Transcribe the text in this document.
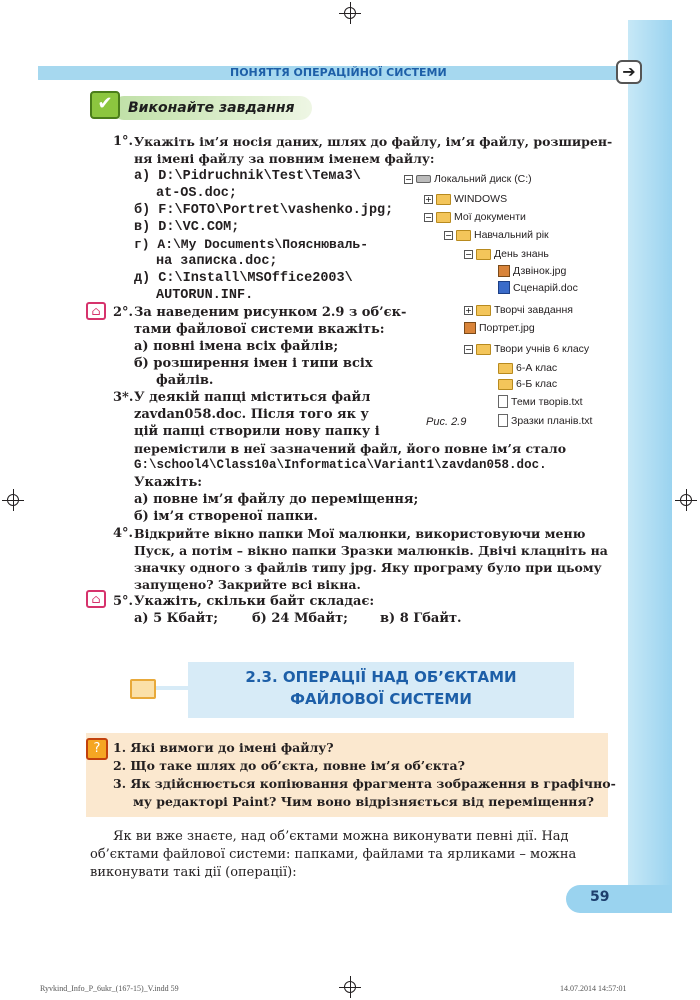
ПОНЯТТЯ ОПЕРАЦІЙНОЇ СИСТЕМИ	➔
✔	Виконайте завдання
1°. Укажіть ім’я носія даних, шлях до файлу, ім’я файлу, розширен-
ня імені файлу за повним іменем файлу:
а) D:\Pidruchnik\Test\Тема3\
at-OS.doc;
б) F:\FOTO\Portret\vashenko.jpg;
в) D:\VC.COM;
г) A:\My Documents\Пояснюваль-
на записка.doc;
д) C:\Install\MSOffice2003\
AUTORUN.INF.
⌂
⌂
2°. За наведеним рисунком 2.9 з об’єк-
тами файлової системи вкажіть:
а) повні імена всіх файлів;
б) розширення імен і типи всіх
файлів.
3*. У деякій папці міститься файл
zavdan058.doc. Після того як у
цій папці створили нову папку і
перемістили в неї зазначений файл, його повне ім’я стало
G:\school4\Class10a\Informatica\Variant1\zavdan058.doc.
Укажіть:
а) повне ім’я файлу до переміщення;
б) ім’я створеної папки.
4°. Відкрийте вікно папки Мої малюнки, використовуючи меню
Пуск, а потім – вікно папки Зразки малюнків. Двічі клацніть на
значку одного з файлів типу jpg. Яку програму було при цьому
запущено? Закрийте всі вікна.
5°. Укажіть, скільки байт складає:
а) 5 Кбайт;	б) 24 Мбайт; в) 8 Гбайт.
− Локальний диск (C:)
+ WINDOWS
− Мої документи
− Навчальний рік
− День знань
Дзвінок.jpg
Сценарій.doc
+ Творчі завдання
Портрет.jpg
− Твори учнів 6 класу
6-А клас
6-Б клас
Теми творів.txt
Зразки планів.txt
Рис. 2.9
2.3. ОПЕРАЦІЇ НАД ОБ’ЄКТАМИ
ФАЙЛОВОЇ СИСТЕМИ
?	1. Які вимоги до імені файлу?
2. Що таке шлях до об’єкта, повне ім’я об’єкта?
3. Як здійснюється копіювання фрагмента зображення в графічно-
му редакторі Paint? Чим воно відрізняється від переміщення?
Як ви вже знаєте, над об’єктами можна виконувати певні дії. Над
об’єктами файлової системи: папками, файлами та ярликами – можна
виконувати такі дії (операції):
59
Ryvkind_Info_P_6ukr_(167-15)_V.indd 59	14.07.2014 14:57:01
